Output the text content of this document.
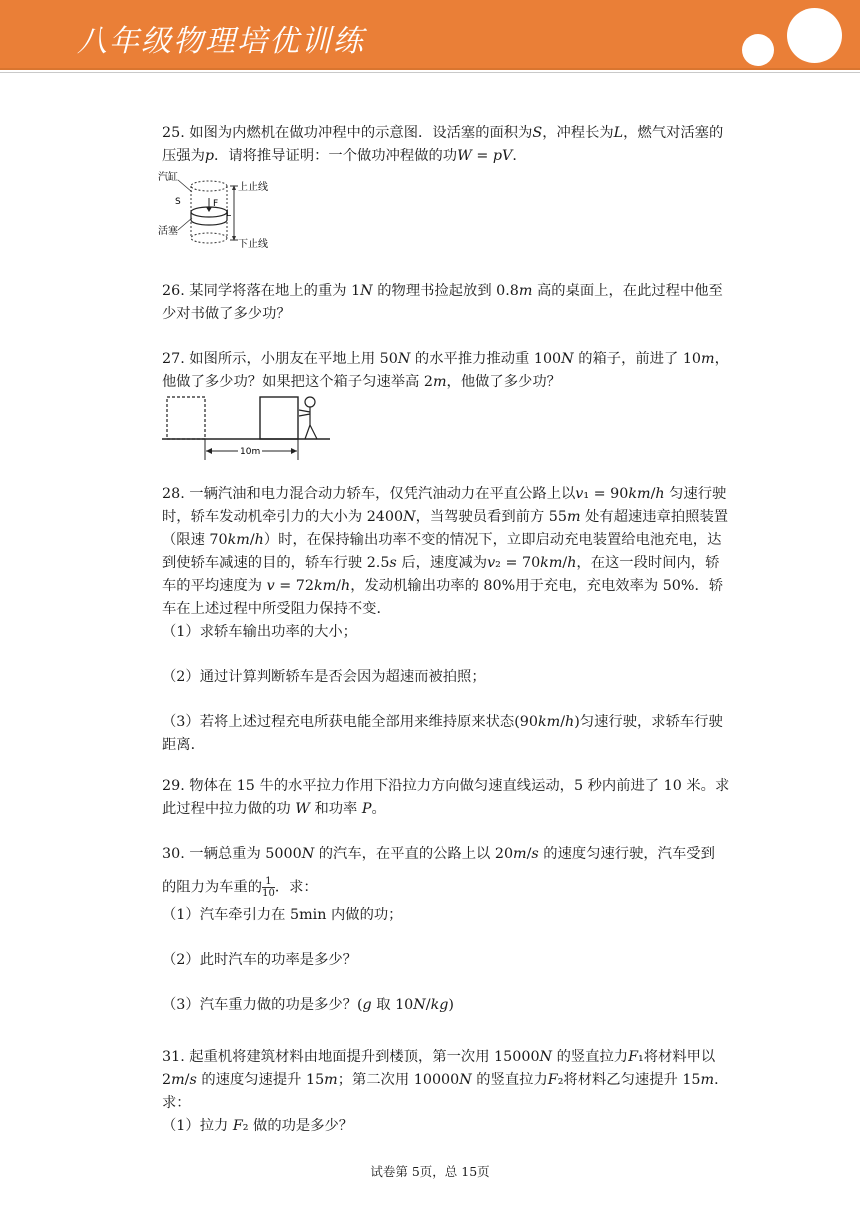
八年级物理培优训练

25. 如图为内燃机在做功冲程中的示意图．设活塞的面积为𝑆，冲程长为𝐿，燃气对活塞的压强为𝑝．请将推导证明：一个做功冲程做的功𝑊 = 𝑝𝑉．

汽缸
S	F
活塞
L
上止线
下止线

26. 某同学将落在地上的重为 1𝑁 的物理书捡起放到 0.8𝑚 高的桌面上，在此过程中他至少对书做了多少功？

27. 如图所示，小朋友在平地上用 50𝑁 的水平推力推动重 100𝑁 的箱子，前进了 10𝑚，他做了多少功？如果把这个箱子匀速举高 2𝑚，他做了多少功？

10m

28. 一辆汽油和电力混合动力轿车，仅凭汽油动力在平直公路上以𝑣₁ = 90𝑘𝑚/ℎ 匀速行驶时，轿车发动机牵引力的大小为 2400𝑁，当驾驶员看到前方 55𝑚 处有超速违章拍照装置（限速 70𝑘𝑚/ℎ）时，在保持输出功率不变的情况下，立即启动充电装置给电池充电，达到使轿车减速的目的，轿车行驶 2.5𝑠 后，速度减为𝑣₂ = 70𝑘𝑚/ℎ，在这一段时间内，轿车的平均速度为 𝑣 = 72𝑘𝑚/ℎ，发动机输出功率的 80%用于充电，充电效率为 50%．轿车在上述过程中所受阻力保持不变．

（1）求轿车输出功率的大小；

（2）通过计算判断轿车是否会因为超速而被拍照；

（3）若将上述过程充电所获电能全部用来维持原来状态(90𝑘𝑚/ℎ)匀速行驶，求轿车行驶距离．

29. 物体在 15 牛的水平拉力作用下沿拉力方向做匀速直线运动，5 秒内前进了 10 米。求此过程中拉力做的功 𝑊 和功率 𝑃。

30. 一辆总重为 5000𝑁 的汽车，在平直的公路上以 20𝑚/𝑠 的速度匀速行驶，汽车受到

的阻力为车重的 $\frac{1}{10}$ ．求：

（1）汽车牵引力在 5min 内做的功；

（2）此时汽车的功率是多少？

（3）汽车重力做的功是多少？(𝑔 取 10𝑁/𝑘𝑔)

31. 起重机将建筑材料由地面提升到楼顶，第一次用 15000𝑁 的竖直拉力𝐹₁将材料甲以 2𝑚/𝑠 的速度匀速提升 15𝑚；第二次用 10000𝑁 的竖直拉力𝐹₂将材料乙匀速提升 15𝑚．求：

（1）拉力 𝐹₂ 做的功是多少？

试卷第 5页，总 15页
